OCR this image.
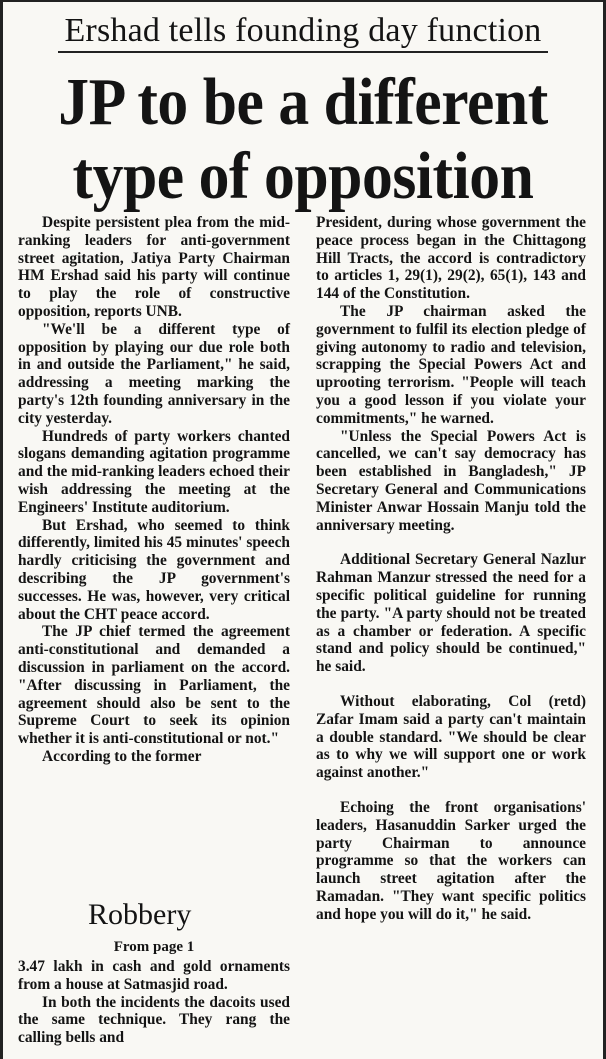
Ershad tells founding day function
JP to be a different
type of opposition

Despite persistent plea from the mid-ranking leaders for anti-government street agitation, Jatiya Party Chairman HM Ershad said his party will continue to play the role of constructive opposition, reports UNB.

"We'll be a different type of opposition by playing our due role both in and outside the Parliament," he said, addressing a meeting marking the party's 12th founding anniversary in the city yesterday.

Hundreds of party workers chanted slogans demanding agitation programme and the mid-ranking leaders echoed their wish addressing the meeting at the Engineers' Institute auditorium.

But Ershad, who seemed to think differently, limited his 45 minutes' speech hardly criticising the government and describing the JP government's successes. He was, however, very critical about the CHT peace accord.

The JP chief termed the agreement anti-constitutional and demanded a discussion in parliament on the accord. "After discussing in Parliament, the agreement should also be sent to the Supreme Court to seek its opinion whether it is anti-constitutional or not."

According to the former

President, during whose government the peace process began in the Chittagong Hill Tracts, the accord is contradictory to articles 1, 29(1), 29(2), 65(1), 143 and 144 of the Constitution.

The JP chairman asked the government to fulfil its election pledge of giving autonomy to radio and television, scrapping the Special Powers Act and uprooting terrorism. "People will teach you a good lesson if you violate your commitments," he warned.

"Unless the Special Powers Act is cancelled, we can't say democracy has been established in Bangladesh," JP Secretary General and Communications Minister Anwar Hossain Manju told the anniversary meeting.

Additional Secretary General Nazlur Rahman Manzur stressed the need for a specific political guideline for running the party. "A party should not be treated as a chamber or federation. A specific stand and policy should be continued," he said.

Without elaborating, Col (retd) Zafar Imam said a party can't maintain a double standard. "We should be clear as to why we will support one or work against another."

Echoing the front organisations' leaders, Hasanuddin Sarker urged the party Chairman to announce programme so that the workers can launch street agitation after the Ramadan. "They want specific politics and hope you will do it," he said.

Robbery
From page 1

3.47 lakh in cash and gold ornaments from a house at Satmasjid road.

In both the incidents the dacoits used the same technique. They rang the calling bells and
